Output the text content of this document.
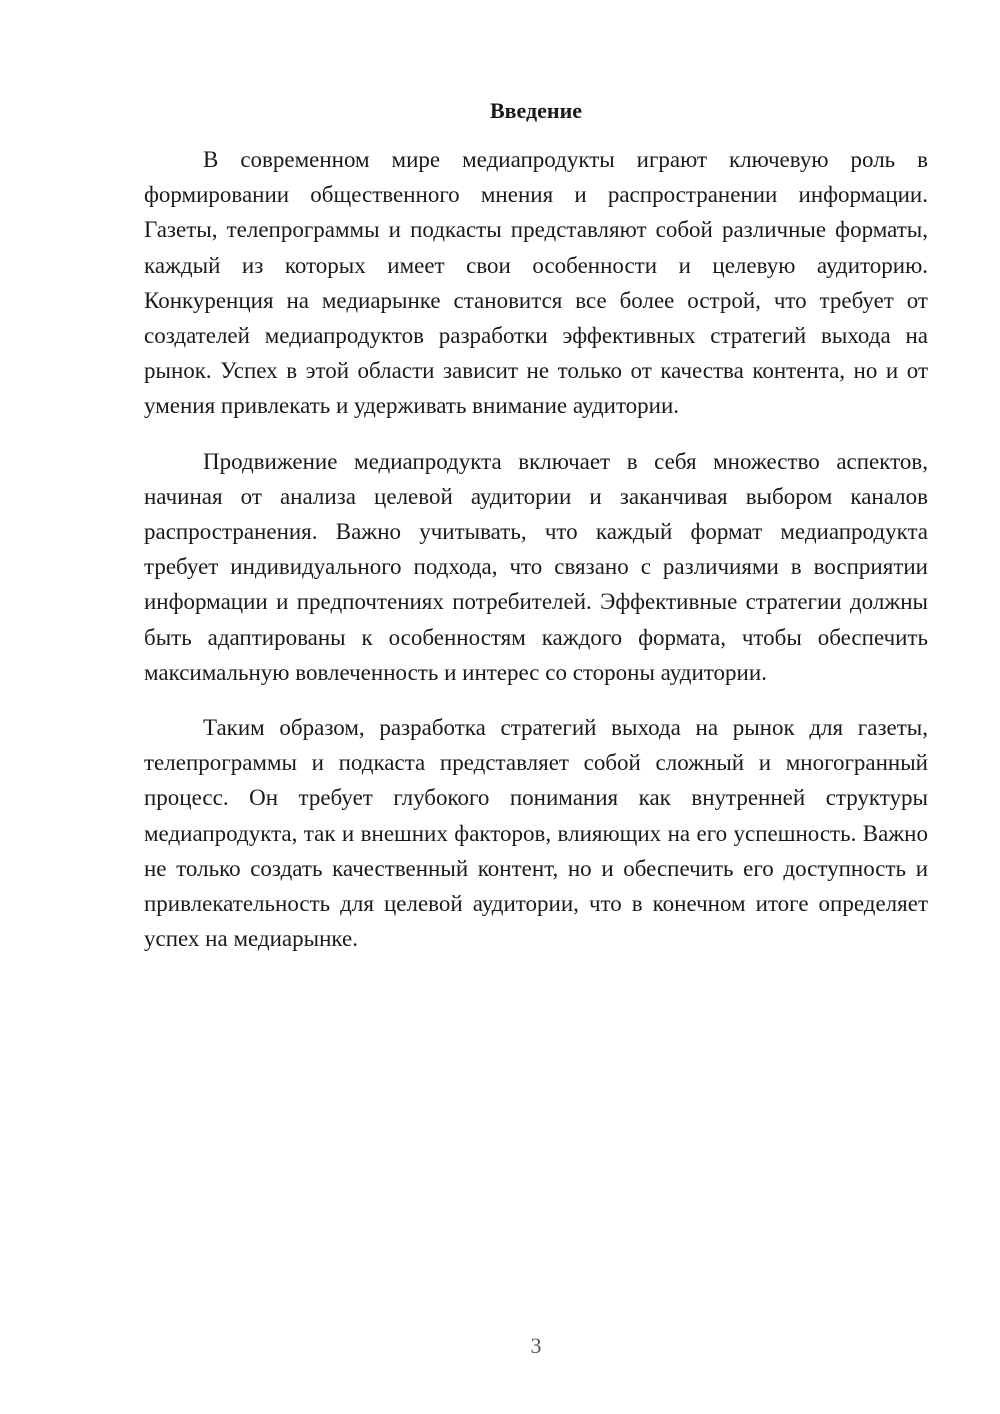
Введение

В современном мире медиапродукты играют ключевую роль в формировании общественного мнения и распространении информации. Газеты, телепрограммы и подкасты представляют собой различные форматы, каждый из которых имеет свои особенности и целевую аудиторию. Конкуренция на медиарынке становится все более острой, что требует от создателей медиапродуктов разработки эффективных стратегий выхода на рынок. Успех в этой области зависит не только от качества контента, но и от умения привлекать и удерживать внимание аудитории.

Продвижение медиапродукта включает в себя множество аспектов, начиная от анализа целевой аудитории и заканчивая выбором каналов распространения. Важно учитывать, что каждый формат медиапродукта требует индивидуального подхода, что связано с различиями в восприятии информации и предпочтениях потребителей. Эффективные стратегии должны быть адаптированы к особенностям каждого формата, чтобы обеспечить максимальную вовлеченность и интерес со стороны аудитории.

Таким образом, разработка стратегий выхода на рынок для газеты, телепрограммы и подкаста представляет собой сложный и многогранный процесс. Он требует глубокого понимания как внутренней структуры медиапродукта, так и внешних факторов, влияющих на его успешность. Важно не только создать качественный контент, но и обеспечить его доступность и привлекательность для целевой аудитории, что в конечном итоге определяет успех на медиарынке.

3
